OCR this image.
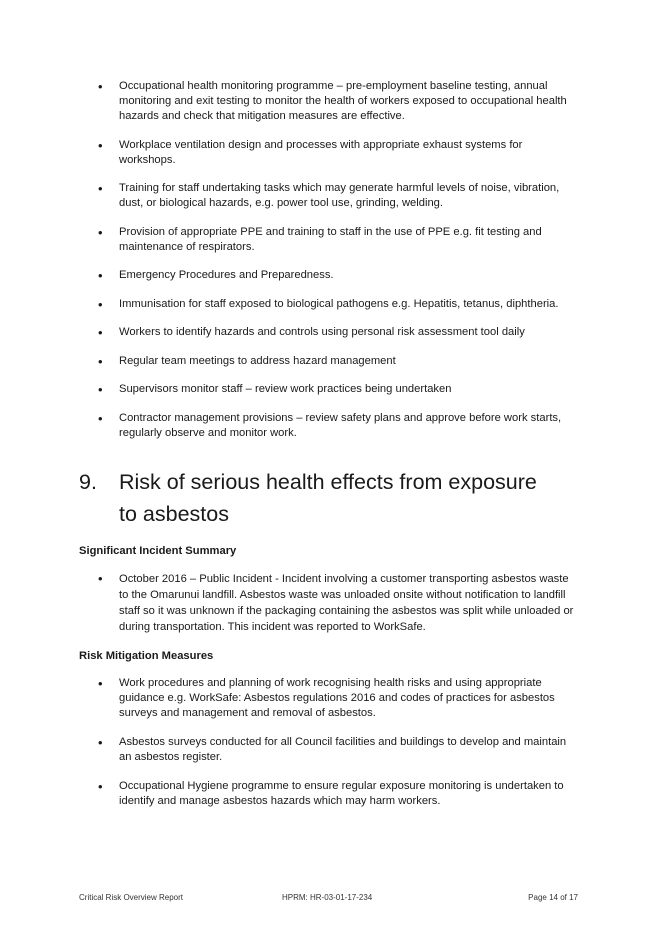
• Occupational health monitoring programme – pre-employment baseline testing, annual monitoring and exit testing to monitor the health of workers exposed to occupational health hazards and check that mitigation measures are effective.
• Workplace ventilation design and processes with appropriate exhaust systems for workshops.
• Training for staff undertaking tasks which may generate harmful levels of noise, vibration, dust, or biological hazards, e.g. power tool use, grinding, welding.
• Provision of appropriate PPE and training to staff in the use of PPE e.g. fit testing and maintenance of respirators.
• Emergency Procedures and Preparedness.
• Immunisation for staff exposed to biological pathogens e.g. Hepatitis, tetanus, diphtheria.
• Workers to identify hazards and controls using personal risk assessment tool daily
• Regular team meetings to address hazard management
• Supervisors monitor staff – review work practices being undertaken
• Contractor management provisions – review safety plans and approve before work starts, regularly observe and monitor work.
9.	Risk of serious health effects from exposure to asbestos
Significant Incident Summary
• October 2016 – Public Incident - Incident involving a customer transporting asbestos waste to the Omarunui landfill. Asbestos waste was unloaded onsite without notification to landfill staff so it was unknown if the packaging containing the asbestos was split while unloaded or during transportation. This incident was reported to WorkSafe.
Risk Mitigation Measures
• Work procedures and planning of work recognising health risks and using appropriate guidance e.g. WorkSafe: Asbestos regulations 2016 and codes of practices for asbestos surveys and management and removal of asbestos.
• Asbestos surveys conducted for all Council facilities and buildings to develop and maintain an asbestos register.
• Occupational Hygiene programme to ensure regular exposure monitoring is undertaken to identify and manage asbestos hazards which may harm workers.
Critical Risk Overview Report	HPRM: HR-03-01-17-234	Page 14 of 17
